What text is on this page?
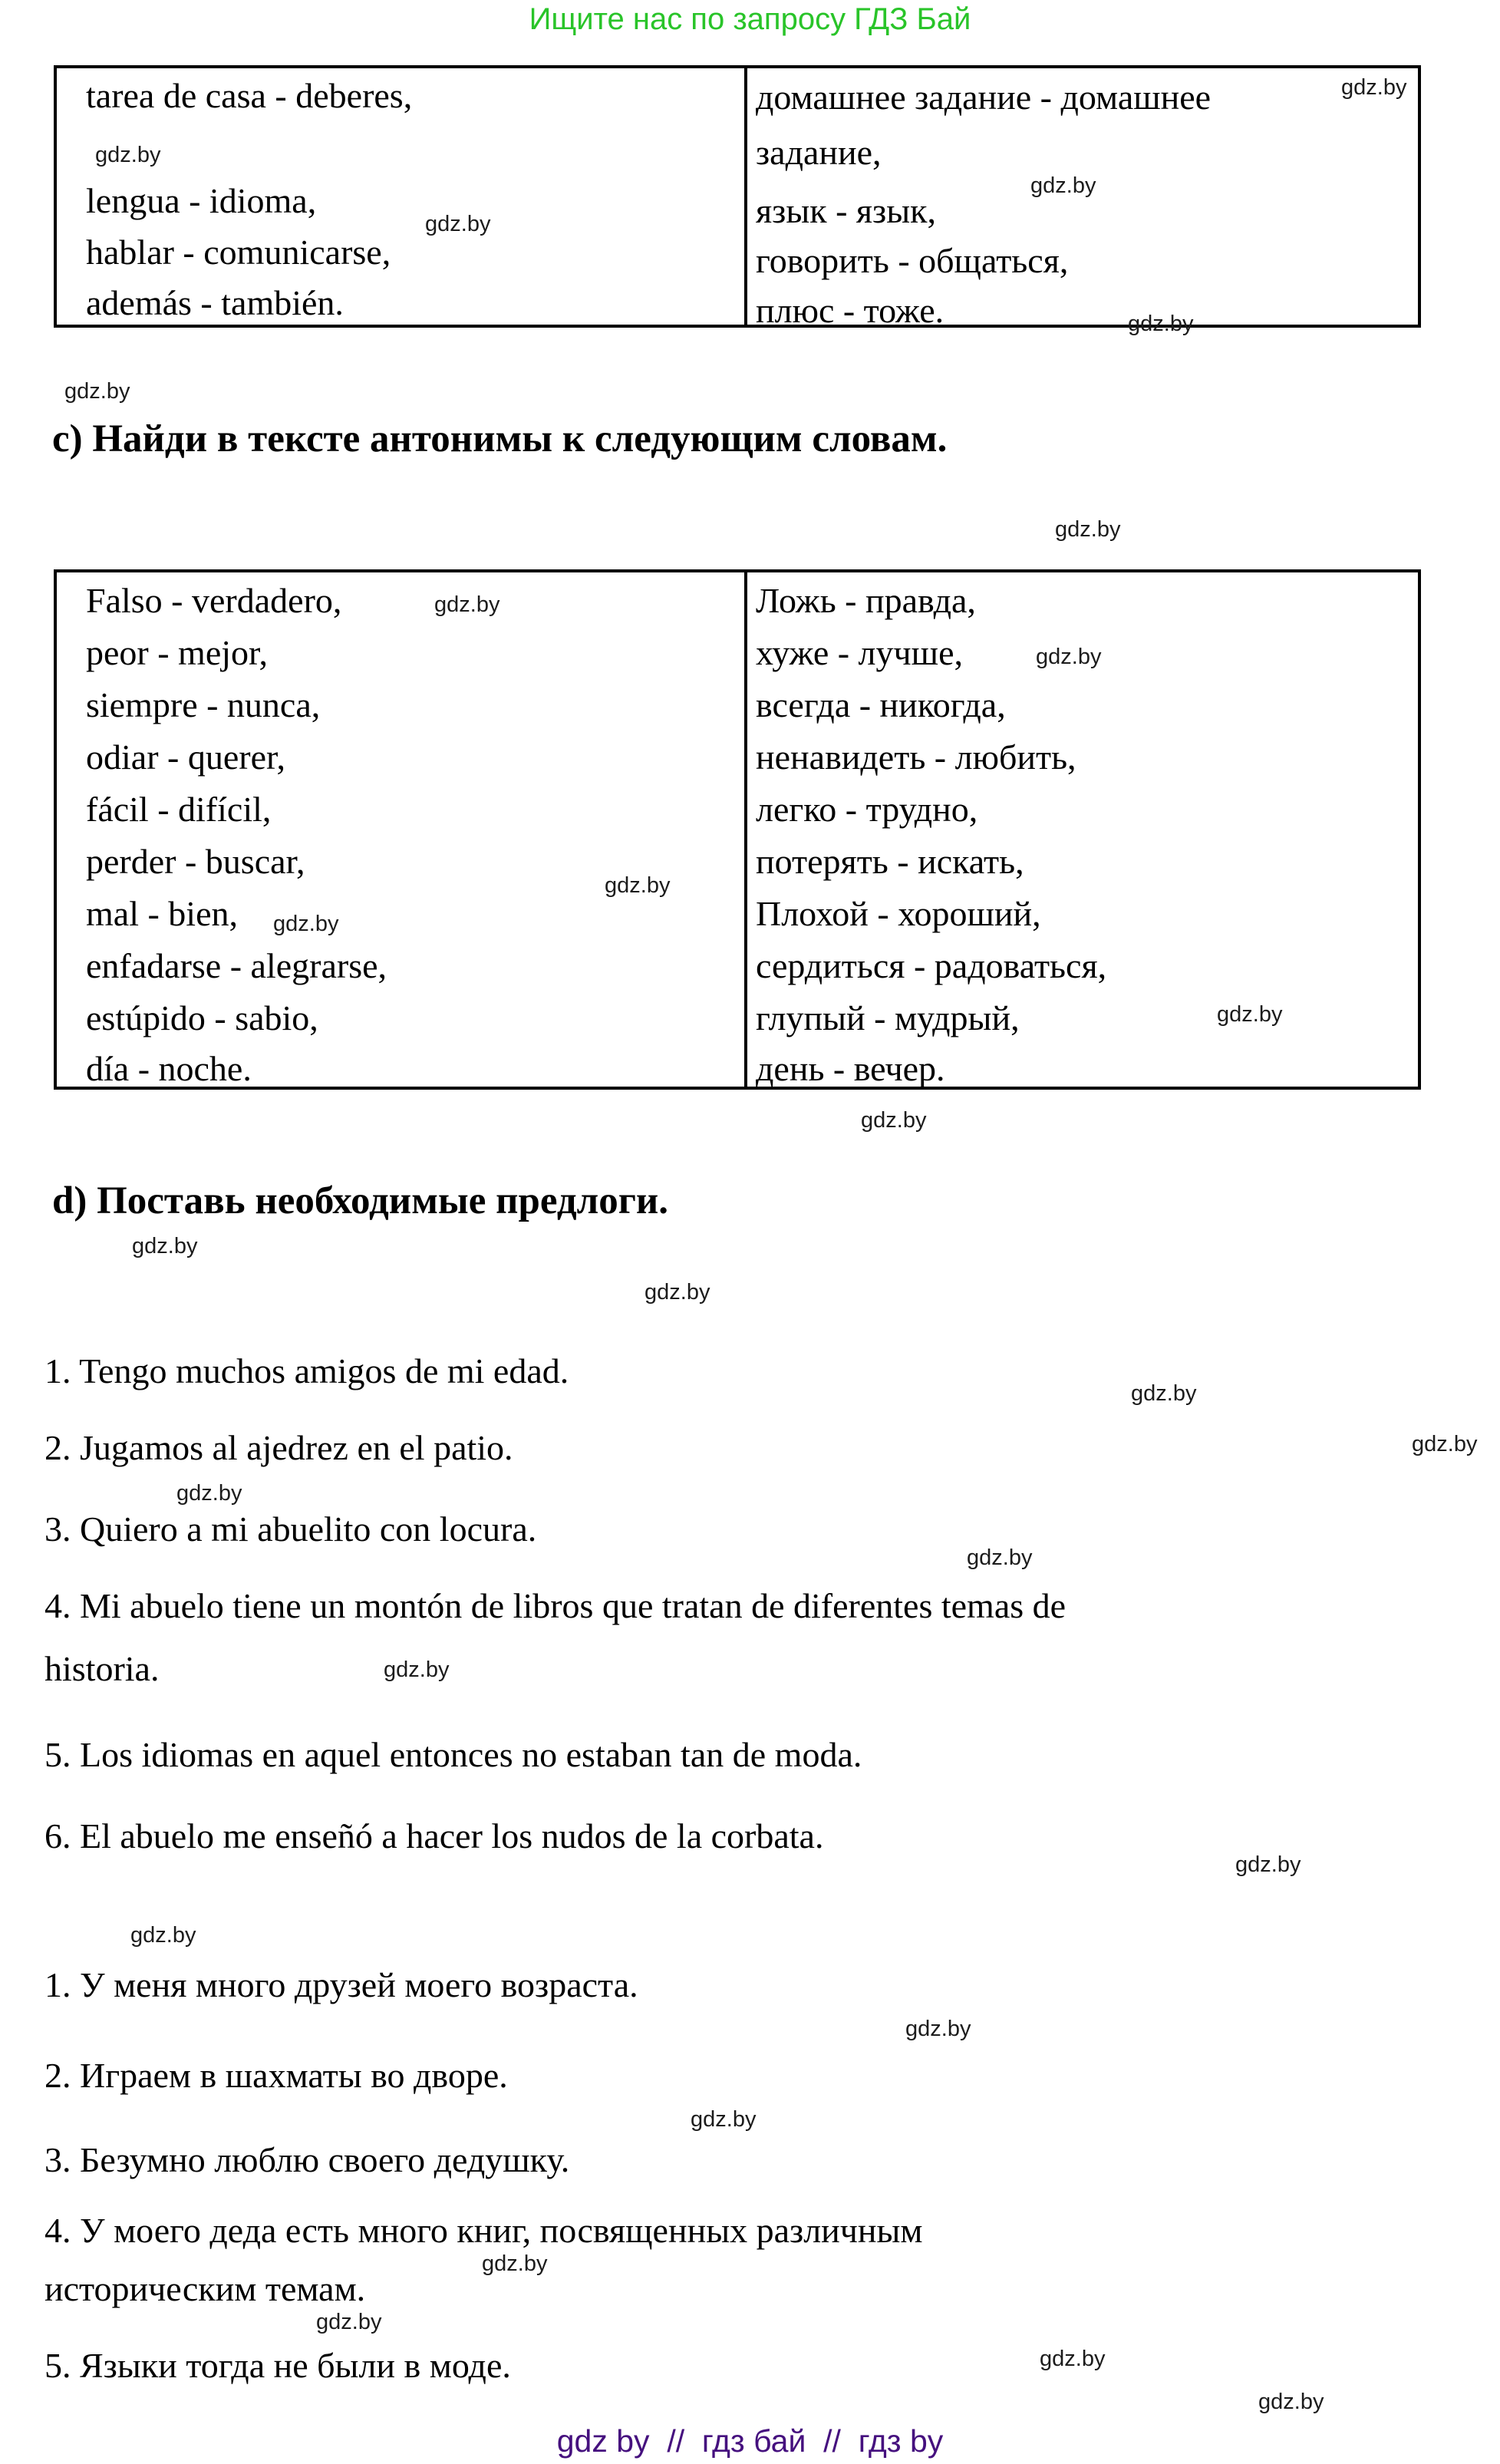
Ищите нас по запросу ГДЗ Бай
tarea de casa - deberes,
lengua - idioma,
hablar - comunicarse,
además - también.
домашнее задание - домашнее
задание,
язык - язык,
говорить - общаться,
плюс - тоже.
c) Найди в тексте антонимы к следующим словам.
Falso - verdadero,
peor - mejor,
siempre - nunca,
odiar - querer,
fácil - difícil,
perder - buscar,
mal - bien,
enfadarse - alegrarse,
estúpido - sabio,
día - noche.
Ложь - правда,
хуже - лучше,
всегда - никогда,
ненавидеть - любить,
легко - трудно,
потерять - искать,
Плохой - хороший,
сердиться - радоваться,
глупый - мудрый,
день - вечер.
d) Поставь необходимые предлоги.
1. Tengo muchos amigos de mi edad.
2. Jugamos al ajedrez en el patio.
3. Quiero a mi abuelito con locura.
4. Mi abuelo tiene un montón de libros que tratan de diferentes temas de
historia.
5. Los idiomas en aquel entonces no estaban tan de moda.
6. El abuelo me enseñó a hacer los nudos de la corbata.
1. У меня много друзей моего возраста.
2. Играем в шахматы во дворе.
3. Безумно люблю своего дедушку.
4. У моего деда есть много книг, посвященных различным
историческим темам.
5. Языки тогда не были в моде.
gdz.by
gdz.by
gdz.by
gdz.by
gdz.by
gdz.by
gdz.by
gdz.by
gdz.by
gdz.by
gdz.by
gdz.by
gdz.by
gdz.by
gdz.by
gdz.by
gdz.by
gdz.by
gdz.by
gdz.by
gdz.by
gdz.by
gdz.by
gdz.by
gdz.by
gdz.by
gdz.by
gdz.by
gdz by  //  гдз бай  //  гдз by
